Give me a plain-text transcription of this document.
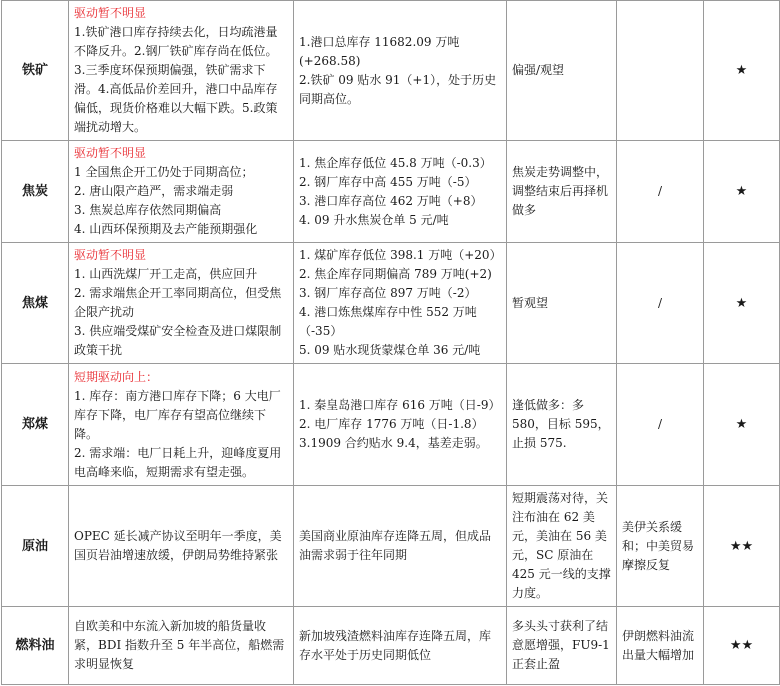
铁矿	驱动暂不明显
1.铁矿港口库存持续去化，日均疏港量不降反升。2.钢厂铁矿库存尚在低位。3.三季度环保预期偏强，铁矿需求下滑。4.高低品价差回升，港口中品库存偏低，现货价格难以大幅下跌。5.政策端扰动增大。	1.港口总库存 11682.09 万吨(+268.58)
2.铁矿 09 贴水 91（+1），处于历史同期高位。	偏强/观望		★
焦炭	驱动暂不明显
1 全国焦企开工仍处于同期高位；
2. 唐山限产趋严，需求端走弱
3. 焦炭总库存依然同期偏高
4. 山西环保预期及去产能预期强化	1. 焦企库存低位 45.8 万吨（-0.3）
2. 钢厂库存中高 455 万吨（-5）
3. 港口库存高位 462 万吨（+8）
4. 09 升水焦炭仓单 5 元/吨	焦炭走势调整中，调整结束后再择机做多	/	★
焦煤	驱动暂不明显
1. 山西洗煤厂开工走高，供应回升
2. 需求端焦企开工率同期高位，但受焦企限产扰动
3. 供应端受煤矿安全检查及进口煤限制政策干扰	1. 煤矿库存低位 398.1 万吨（+20）
2. 焦企库存同期偏高 789 万吨(+2)
3. 钢厂库存高位 897 万吨（-2）
4. 港口炼焦煤库存中性 552 万吨（-35）
5. 09 贴水现货蒙煤仓单 36 元/吨	暂观望	/	★
郑煤	短期驱动向上：
1. 库存：南方港口库存下降；6 大电厂库存下降，电厂库存有望高位继续下降。
2. 需求端：电厂日耗上升，迎峰度夏用电高峰来临，短期需求有望走强。	1. 秦皇岛港口库存 616 万吨（日-9）
2. 电厂库存 1776 万吨（日-1.8）
3.1909 合约贴水 9.4，基差走弱。	逢低做多：多 580，目标 595，止损 575.	/	★
原油	OPEC 延长减产协议至明年一季度，美国页岩油增速放缓，伊朗局势维持紧张	美国商业原油库存连降五周，但成品油需求弱于往年同期	短期震荡对待，关注布油在 62 美元，美油在 56 美元，SC 原油在 425 元一线的支撑力度。	美伊关系缓和；中美贸易摩擦反复	★★
燃料油	自欧美和中东流入新加坡的船货量收紧，BDI 指数升至 5 年半高位，船燃需求明显恢复	新加坡残渣燃料油库存连降五周，库存水平处于历史同期低位	多头头寸获利了结意愿增强，FU9-1 正套止盈	伊朗燃料油流出量大幅增加	★★
